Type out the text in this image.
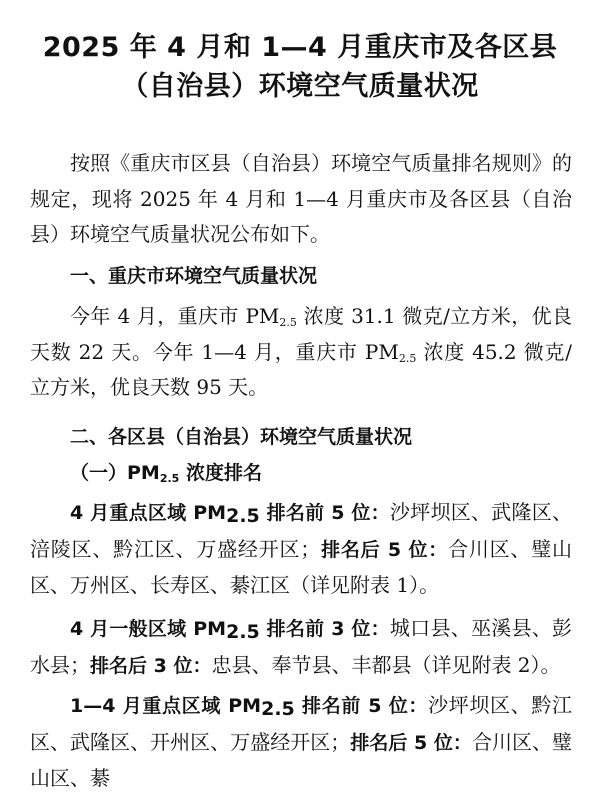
2025 年 4 月和 1—4 月重庆市及各区县
（自治县）环境空气质量状况

按照《重庆市区县（自治县）环境空气质量排名规则》的规定，现将 2025 年 4 月和 1—4 月重庆市及各区县（自治县）环境空气质量状况公布如下。

一、重庆市环境空气质量状况

今年 4 月，重庆市 $PM_{2.5}$ 浓度 31.1 微克/立方米，优良天数 22 天。今年 1—4 月，重庆市 $PM_{2.5}$ 浓度 45.2 微克/立方米，优良天数 95 天。

二、各区县（自治县）环境空气质量状况

（一）$PM_{2.5}$ 浓度排名

4 月重点区域 $PM_{2.5}$ 排名前 5 位：沙坪坝区、武隆区、涪陵区、黔江区、万盛经开区；排名后 5 位：合川区、璧山区、万州区、长寿区、綦江区（详见附表 1）。

4 月一般区域 $PM_{2.5}$ 排名前 3 位：城口县、巫溪县、彭水县；排名后 3 位：忠县、奉节县、丰都县（详见附表 2）。

1—4 月重点区域 $PM_{2.5}$ 排名前 5 位：沙坪坝区、黔江区、武隆区、开州区、万盛经开区；排名后 5 位：合川区、璧山区、綦
